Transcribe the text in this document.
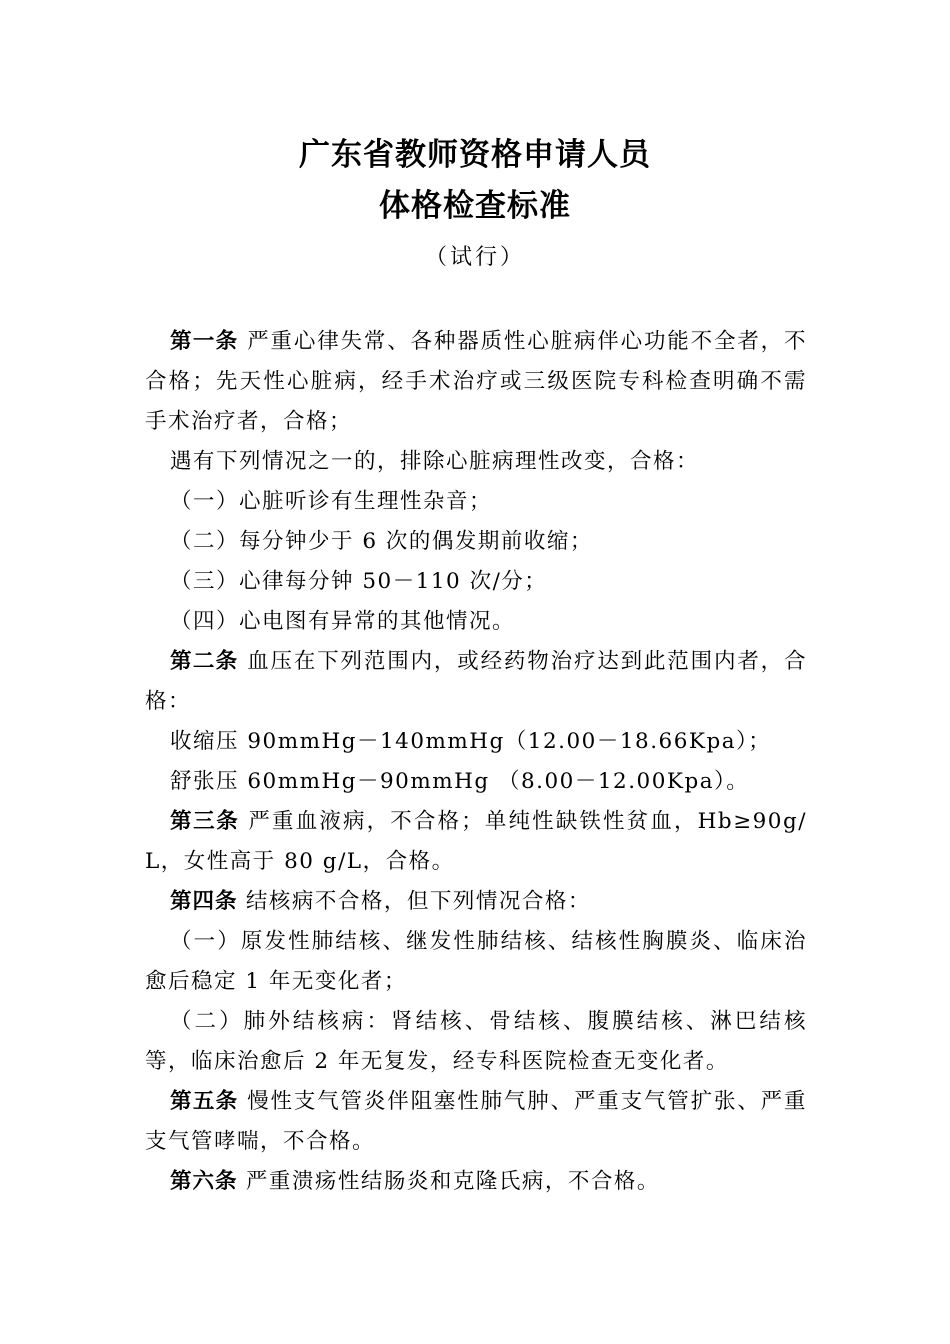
广东省教师资格申请人员
体格检查标准
（试行）
第一条 严重心律失常、各种器质性心脏病伴心功能不全者，不合格；先天性心脏病，经手术治疗或三级医院专科检查明确不需手术治疗者，合格；
遇有下列情况之一的，排除心脏病理性改变，合格：
（一）心脏听诊有生理性杂音；
（二）每分钟少于 6 次的偶发期前收缩；
（三）心律每分钟 50－110 次/分；
（四）心电图有异常的其他情况。
第二条 血压在下列范围内，或经药物治疗达到此范围内者，合格：
收缩压 90mmHg－140mmHg（12.00－18.66Kpa）；
舒张压 60mmHg－90mmHg （8.00－12.00Kpa）。
第三条 严重血液病，不合格；单纯性缺铁性贫血，Hb≥90g/L，女性高于 80 g/L，合格。
第四条 结核病不合格，但下列情况合格：
（一）原发性肺结核、继发性肺结核、结核性胸膜炎、临床治愈后稳定 1 年无变化者；
（二）肺外结核病：肾结核、骨结核、腹膜结核、淋巴结核等，临床治愈后 2 年无复发，经专科医院检查无变化者。
第五条 慢性支气管炎伴阻塞性肺气肿、严重支气管扩张、严重支气管哮喘，不合格。
第六条 严重溃疡性结肠炎和克隆氏病，不合格。
